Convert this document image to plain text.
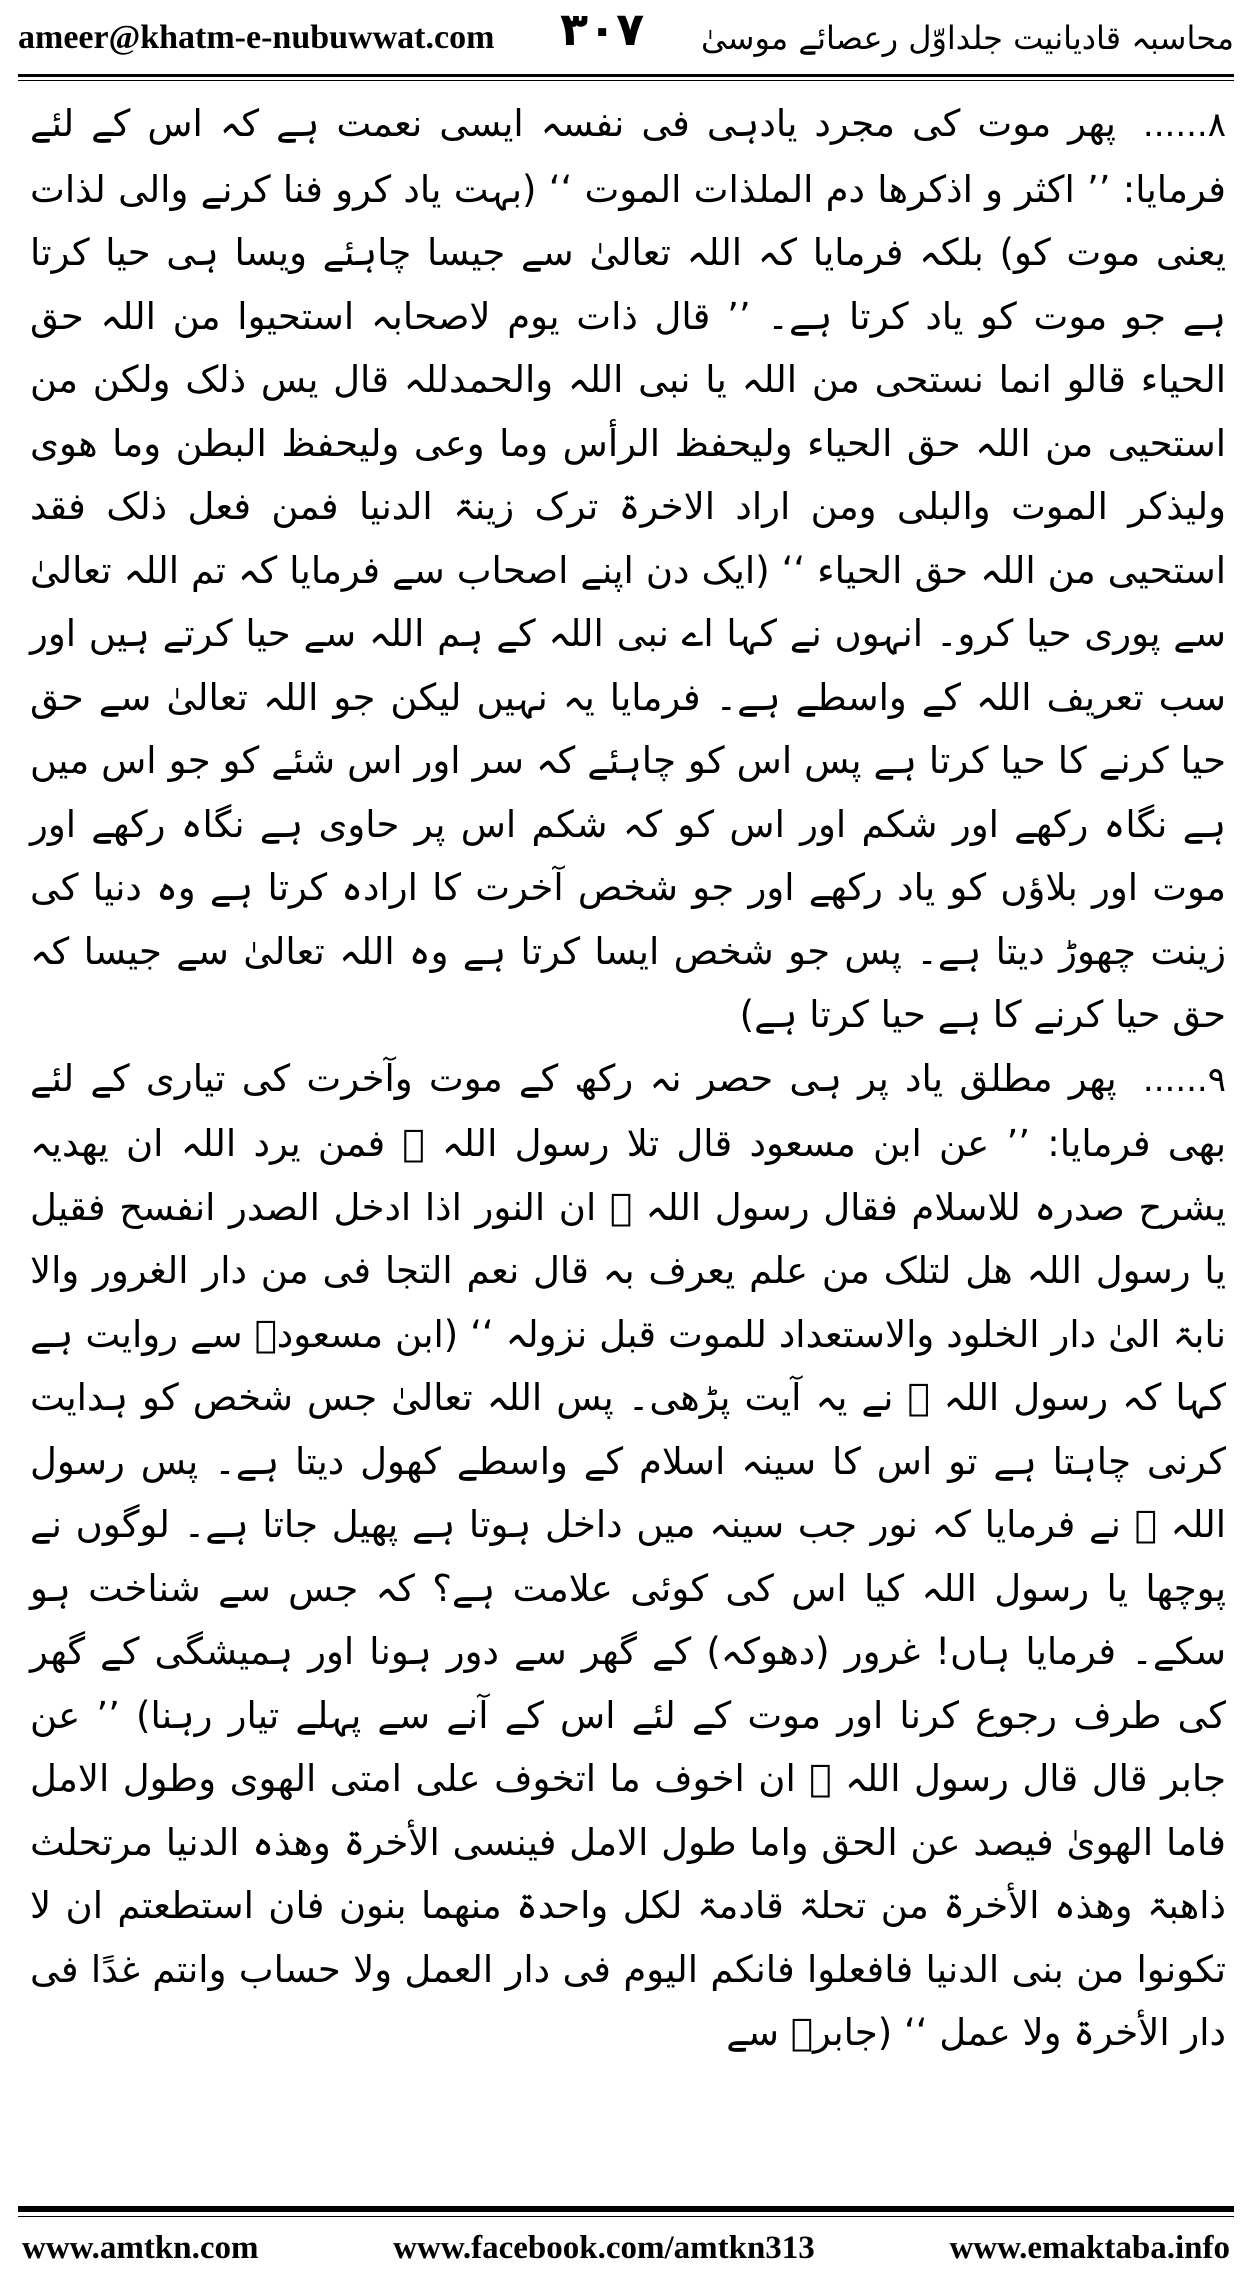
ameer@khatm-e-nubuwwat.com	محاسبہ قادیانیت جلداوّل رعصائے موسیٰ
۳۰۷

۸...... پھر موت کی مجرد یادہی فی نفسہ ایسی نعمت ہے کہ اس کے لئے فرمایا: ’’ اکثر و اذکرھا دم الملذات الموت ‘‘ (بہت یاد کرو فنا کرنے والی لذات یعنی موت کو) بلکہ فرمایا کہ اللہ تعالیٰ سے جیسا چاہئے ویسا ہی حیا کرتا ہے جو موت کو یاد کرتا ہے۔ ’’ قال ذات یوم لاصحابہ استحیوا من اللہ حق الحیاء قالو انما نستحی من اللہ یا نبی اللہ والحمدللہ قال یس ذلک ولکن من استحیی من اللہ حق الحیاء ولیحفظ الرأس وما وعی ولیحفظ البطن وما ھوی ولیذکر الموت والبلی ومن اراد الاخرۃ ترک زینۃ الدنیا فمن فعل ذلک فقد استحیی من اللہ حق الحیاء ‘‘ (ایک دن اپنے اصحاب سے فرمایا کہ تم اللہ تعالیٰ سے پوری حیا کرو۔ انہوں نے کہا اے نبی اللہ کے ہم اللہ سے حیا کرتے ہیں اور سب تعریف اللہ کے واسطے ہے۔ فرمایا یہ نہیں لیکن جو اللہ تعالیٰ سے حق حیا کرنے کا حیا کرتا ہے پس اس کو چاہئے کہ سر اور اس شئے کو جو اس میں ہے نگاہ رکھے اور شکم اور اس کو کہ شکم اس پر حاوی ہے نگاہ رکھے اور موت اور بلاؤں کو یاد رکھے اور جو شخص آخرت کا ارادہ کرتا ہے وہ دنیا کی زینت چھوڑ دیتا ہے۔ پس جو شخص ایسا کرتا ہے وہ اللہ تعالیٰ سے جیسا کہ حق حیا کرنے کا ہے حیا کرتا ہے)

۹...... پھر مطلق یاد پر ہی حصر نہ رکھ کے موت وآخرت کی تیاری کے لئے بھی فرمایا: ’’ عن ابن مسعود قال تلا رسول اللہ ﷺ فمن یرد اللہ ان یھدیہ یشرح صدرہ للاسلام فقال رسول اللہ ﷺ ان النور اذا ادخل الصدر انفسح فقیل یا رسول اللہ ھل لتلک من علم یعرف بہ قال نعم التجا فی من دار الغرور والا نابۃ الیٰ دار الخلود والاستعداد للموت قبل نزولہ ‘‘ (ابن مسعودؓ سے روایت ہے کہا کہ رسول اللہ ﷺ نے یہ آیت پڑھی۔ پس اللہ تعالیٰ جس شخص کو ہدایت کرنی چاہتا ہے تو اس کا سینہ اسلام کے واسطے کھول دیتا ہے۔ پس رسول اللہ ﷺ نے فرمایا کہ نور جب سینہ میں داخل ہوتا ہے پھیل جاتا ہے۔ لوگوں نے پوچھا یا رسول اللہ کیا اس کی کوئی علامت ہے؟ کہ جس سے شناخت ہو سکے۔ فرمایا ہاں! غرور (دھوکہ) کے گھر سے دور ہونا اور ہمیشگی کے گھر کی طرف رجوع کرنا اور موت کے لئے اس کے آنے سے پہلے تیار رہنا) ’’ عن جابر قال قال رسول اللہ ﷺ ان اخوف ما اتخوف علی امتی الھوی وطول الامل فاما الھویٰ فیصد عن الحق واما طول الامل فینسی الأخرۃ وھذہ الدنیا مرتحلث ذاھبۃ وھذہ الأخرۃ من تحلۃ قادمۃ لکل واحدۃ منھما بنون فان استطعتم ان لا تکونوا من بنی الدنیا فافعلوا فانکم الیوم فی دار العمل ولا حساب وانتم غدًا فی دار الأخرۃ ولا عمل ‘‘ (جابرؓ سے

www.amtkn.com	www.facebook.com/amtkn313	www.emaktaba.info
